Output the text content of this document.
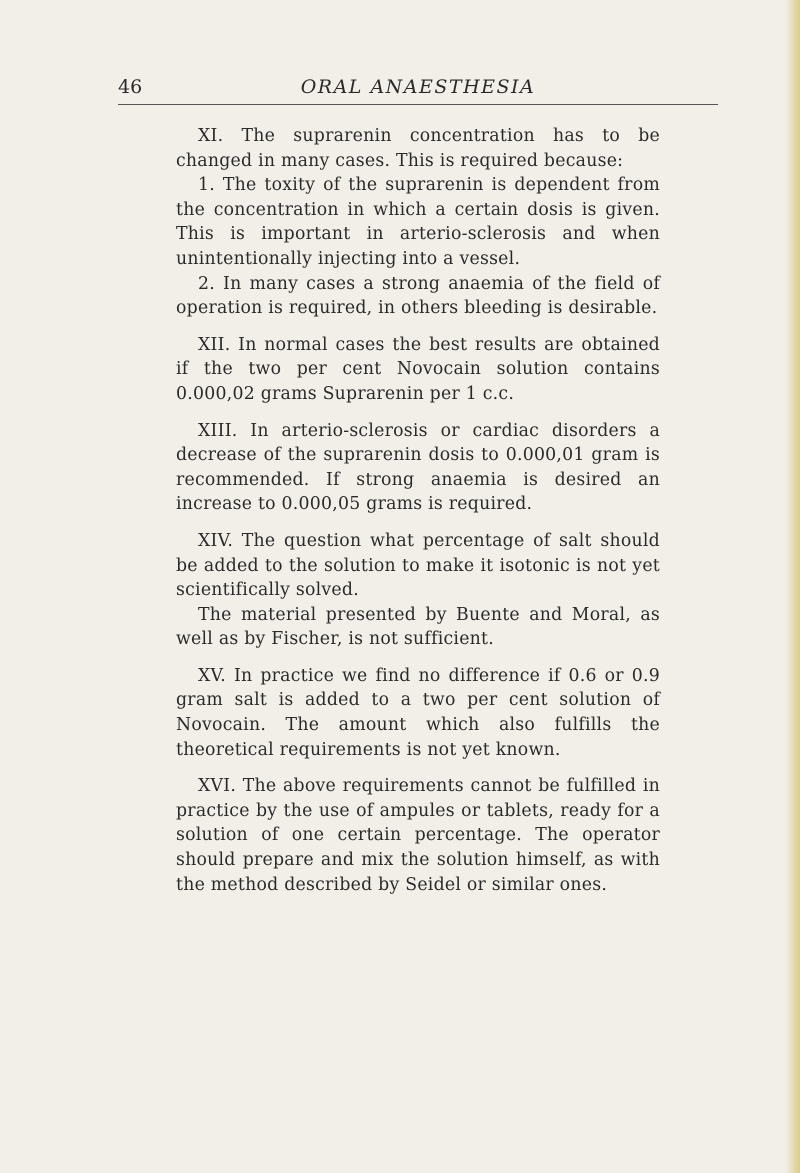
46	ORAL ANAESTHESIA

XI. The suprarenin concentration has to be changed in many cases. This is required because:

1. The toxity of the suprarenin is dependent from the concentration in which a certain dosis is given. This is important in arterio-sclerosis and when unintentionally injecting into a vessel.

2. In many cases a strong anaemia of the field of operation is required, in others bleeding is desirable.

XII. In normal cases the best results are obtained if the two per cent Novocain solution contains 0.000,02 grams Suprarenin per 1 c.c.

XIII. In arterio-sclerosis or cardiac disorders a decrease of the suprarenin dosis to 0.000,01 gram is recommended. If strong anaemia is desired an increase to 0.000,05 grams is required.

XIV. The question what percentage of salt should be added to the solution to make it isotonic is not yet scientifically solved.

The material presented by Buente and Moral, as well as by Fischer, is not sufficient.

XV. In practice we find no difference if 0.6 or 0.9 gram salt is added to a two per cent solution of Novocain. The amount which also fulfills the theoretical requirements is not yet known.

XVI. The above requirements cannot be fulfilled in practice by the use of ampules or tablets, ready for a solution of one certain percentage. The operator should prepare and mix the solution himself, as with the method described by Seidel or similar ones.
